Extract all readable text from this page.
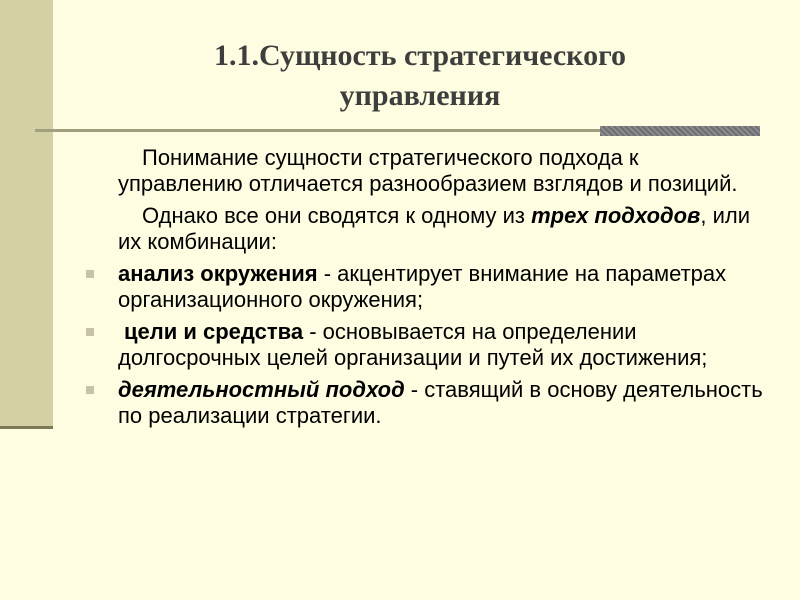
1.1.Сущность стратегического
управления

Понимание сущности стратегического подхода к управлению отличается разнообразием взглядов и позиций.

Однако все они сводятся к одному из трех подходов, или их комбинации:

анализ окружения - акцентирует внимание на параметрах организационного окружения;
цели и средства - основывается на определении долгосрочных целей организации и путей их достижения;
деятельностный подход - ставящий в основу деятельность по реализации стратегии.
